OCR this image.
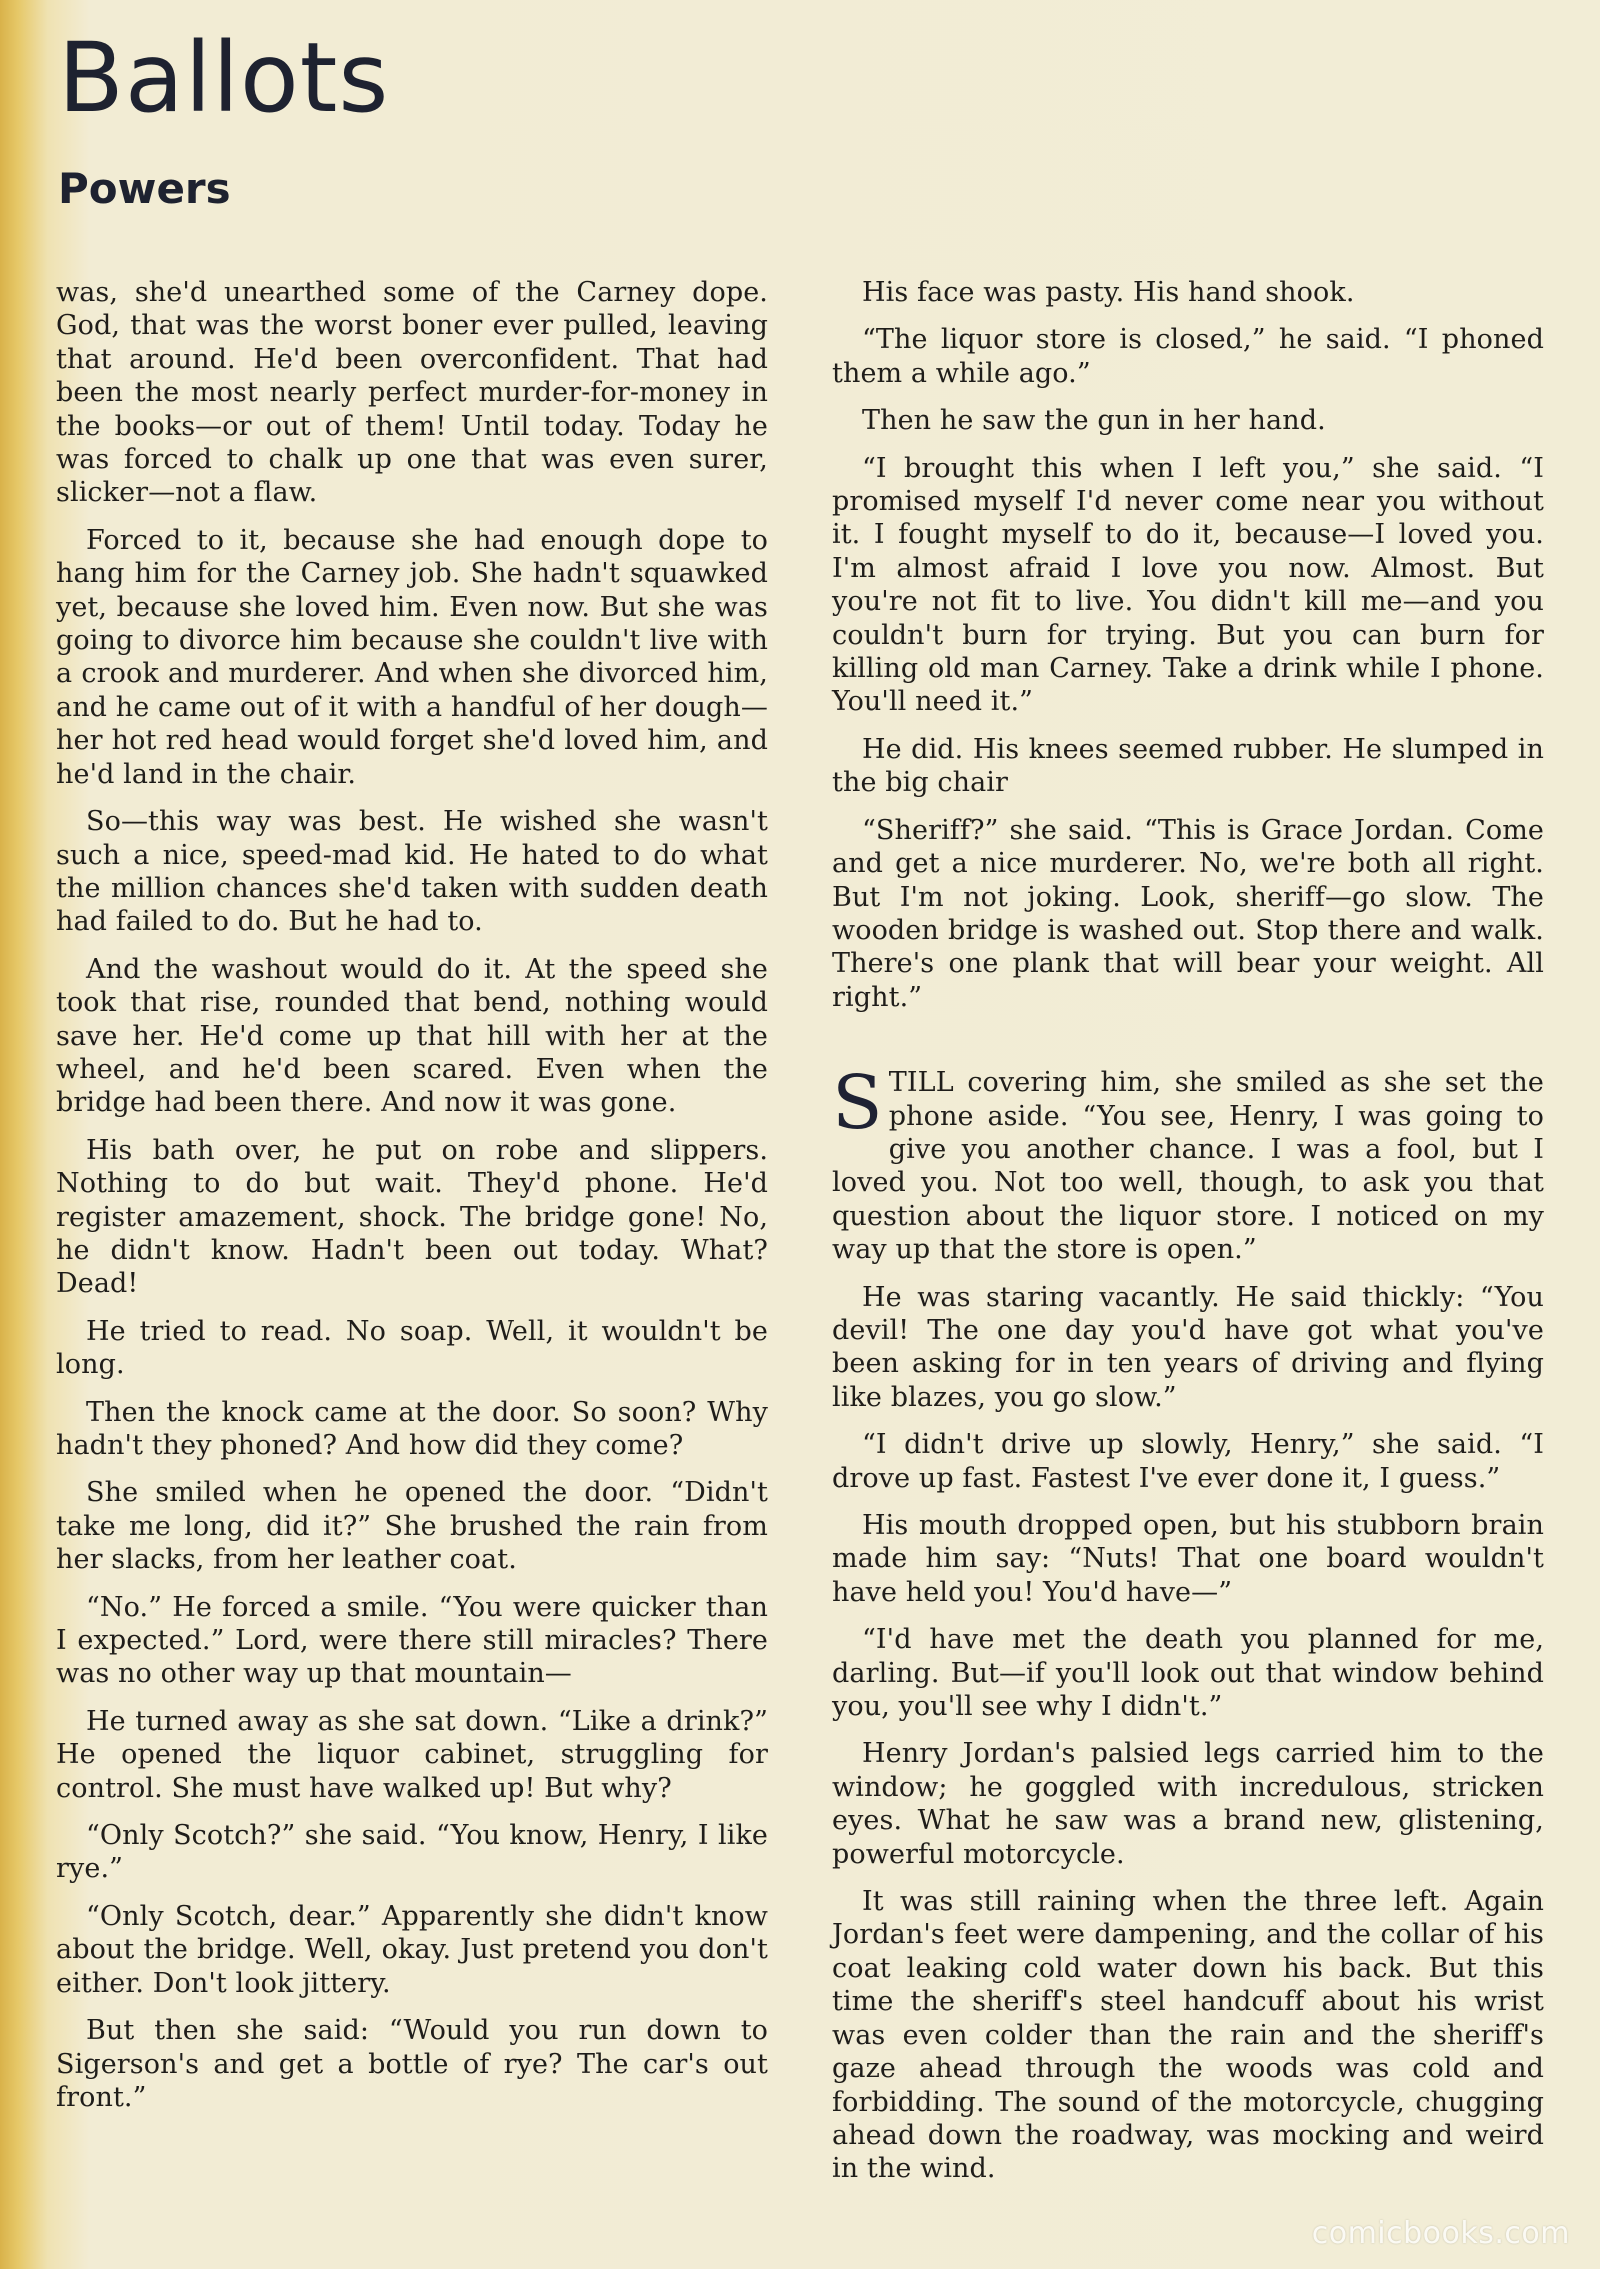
Ballots
Powers

was, she'd unearthed some of the Carney dope. God, that was the worst boner ever pulled, leaving that around. He'd been overconfident. That had been the most nearly perfect murder-for-money in the books—or out of them! Until today. Today he was forced to chalk up one that was even surer, slicker—not a flaw.

Forced to it, because she had enough dope to hang him for the Carney job. She hadn't squawked yet, because she loved him. Even now. But she was going to divorce him because she couldn't live with a crook and murderer. And when she divorced him, and he came out of it with a handful of her dough—her hot red head would forget she'd loved him, and he'd land in the chair.

So—this way was best. He wished she wasn't such a nice, speed-mad kid. He hated to do what the million chances she'd taken with sudden death had failed to do. But he had to.

And the washout would do it. At the speed she took that rise, rounded that bend, nothing would save her. He'd come up that hill with her at the wheel, and he'd been scared. Even when the bridge had been there. And now it was gone.

His bath over, he put on robe and slippers. Nothing to do but wait. They'd phone. He'd register amazement, shock. The bridge gone! No, he didn't know. Hadn't been out today. What? Dead!

He tried to read. No soap. Well, it wouldn't be long.

Then the knock came at the door. So soon? Why hadn't they phoned? And how did they come?

She smiled when he opened the door. “Didn't take me long, did it?” She brushed the rain from her slacks, from her leather coat.

“No.” He forced a smile. “You were quicker than I expected.” Lord, were there still miracles? There was no other way up that mountain—

He turned away as she sat down. “Like a drink?” He opened the liquor cabinet, struggling for control. She must have walked up! But why?

“Only Scotch?” she said. “You know, Henry, I like rye.”

“Only Scotch, dear.” Apparently she didn't know about the bridge. Well, okay. Just pretend you don't either. Don't look jittery.

But then she said: “Would you run down to Sigerson's and get a bottle of rye? The car's out front.”

His face was pasty. His hand shook.

“The liquor store is closed,” he said. “I phoned them a while ago.”

Then he saw the gun in her hand.

“I brought this when I left you,” she said. “I promised myself I'd never come near you without it. I fought myself to do it, because—I loved you. I'm almost afraid I love you now. Almost. But you're not fit to live. You didn't kill me—and you couldn't burn for trying. But you can burn for killing old man Carney. Take a drink while I phone. You'll need it.”

He did. His knees seemed rubber. He slumped in the big chair

“Sheriff?” she said. “This is Grace Jordan. Come and get a nice murderer. No, we're both all right. But I'm not joking. Look, sheriff—go slow. The wooden bridge is washed out. Stop there and walk. There's one plank that will bear your weight. All right.”

STILL covering him, she smiled as she set the phone aside. “You see, Henry, I was going to give you another chance. I was a fool, but I loved you. Not too well, though, to ask you that question about the liquor store. I noticed on my way up that the store is open.”

He was staring vacantly. He said thickly: “You devil! The one day you'd have got what you've been asking for in ten years of driving and flying like blazes, you go slow.”

“I didn't drive up slowly, Henry,” she said. “I drove up fast. Fastest I've ever done it, I guess.”

His mouth dropped open, but his stubborn brain made him say: “Nuts! That one board wouldn't have held you! You'd have—”

“I'd have met the death you planned for me, darling. But—if you'll look out that window behind you, you'll see why I didn't.”

Henry Jordan's palsied legs carried him to the window; he goggled with incredulous, stricken eyes. What he saw was a brand new, glistening, powerful motorcycle.

It was still raining when the three left. Again Jordan's feet were dampening, and the collar of his coat leaking cold water down his back. But this time the sheriff's steel handcuff about his wrist was even colder than the rain and the sheriff's gaze ahead through the woods was cold and forbidding. The sound of the motorcycle, chugging ahead down the roadway, was mocking and weird in the wind.

comicbooks.com
